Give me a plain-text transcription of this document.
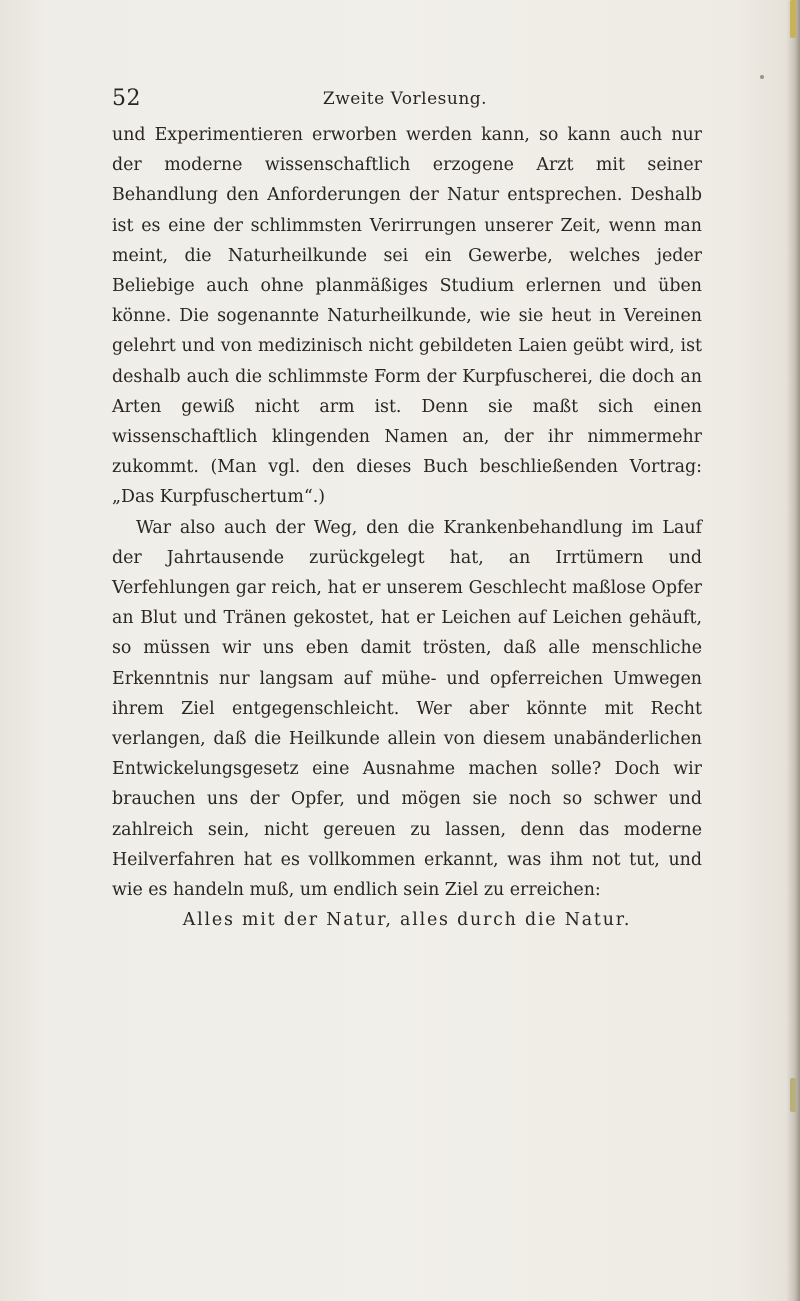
52	Zweite Vorlesung.

und Experimentieren erworben werden kann, so kann auch nur der moderne wissenschaftlich erzogene Arzt mit seiner Behandlung den Anforderungen der Natur entsprechen. Deshalb ist es eine der schlimmsten Verirrungen unserer Zeit, wenn man meint, die Naturheilkunde sei ein Gewerbe, welches jeder Beliebige auch ohne planmäßiges Studium erlernen und üben könne. Die sogenannte Naturheilkunde, wie sie heut in Vereinen gelehrt und von medizinisch nicht gebildeten Laien geübt wird, ist deshalb auch die schlimmste Form der Kurpfuscherei, die doch an Arten gewiß nicht arm ist. Denn sie maßt sich einen wissenschaftlich klingenden Namen an, der ihr nimmermehr zukommt. (Man vgl. den dieses Buch beschließenden Vortrag: „Das Kurpfuschertum“.)

War also auch der Weg, den die Krankenbehandlung im Lauf der Jahrtausende zurückgelegt hat, an Irrtümern und Verfehlungen gar reich, hat er unserem Geschlecht maßlose Opfer an Blut und Tränen gekostet, hat er Leichen auf Leichen gehäuft, so müssen wir uns eben damit trösten, daß alle menschliche Erkenntnis nur langsam auf mühe- und opferreichen Umwegen ihrem Ziel entgegenschleicht. Wer aber könnte mit Recht verlangen, daß die Heilkunde allein von diesem unabänderlichen Entwickelungsgesetz eine Ausnahme machen solle? Doch wir brauchen uns der Opfer, und mögen sie noch so schwer und zahlreich sein, nicht gereuen zu lassen, denn das moderne Heilverfahren hat es vollkommen erkannt, was ihm not tut, und wie es handeln muß, um endlich sein Ziel zu erreichen:

Alles mit der Natur, alles durch die Natur.
